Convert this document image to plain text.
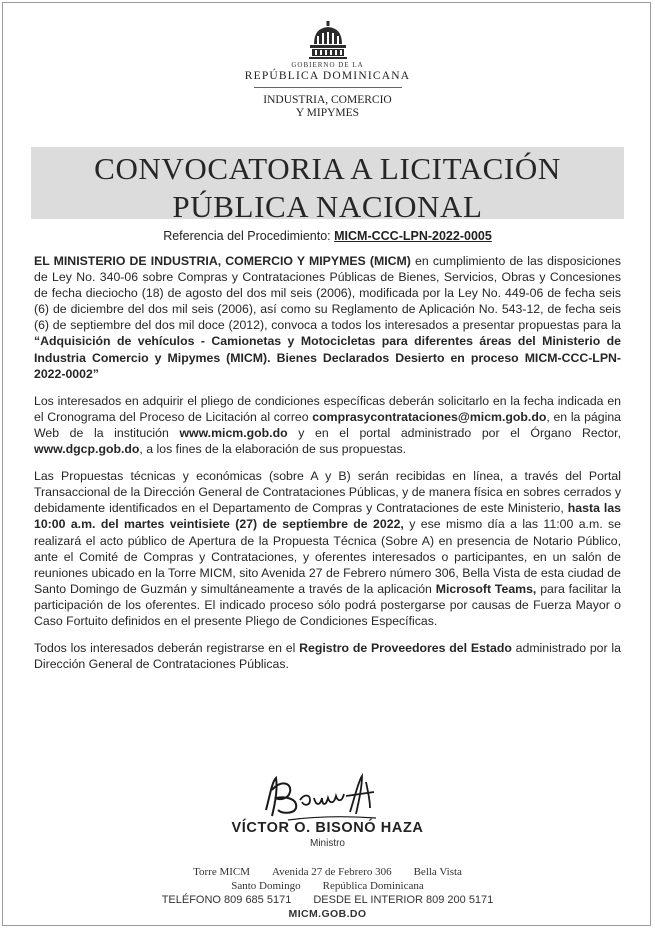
GOBIERNO DE LA
REPÚBLICA DOMINICANA
INDUSTRIA, COMERCIO
Y MIPYMES
CONVOCATORIA A LICITACIÓN
PÚBLICA NACIONAL
Referencia del Procedimiento: MICM-CCC-LPN-2022-0005

EL MINISTERIO DE INDUSTRIA, COMERCIO Y MIPYMES (MICM) en cumplimiento de las disposiciones de Ley No. 340-06 sobre Compras y Contrataciones Públicas de Bienes, Servicios, Obras y Concesiones de fecha dieciocho (18) de agosto del dos mil seis (2006), modificada por la Ley No. 449-06 de fecha seis (6) de diciembre del dos mil seis (2006), así como su Reglamento de Aplicación No. 543-12, de fecha seis (6) de septiembre del dos mil doce (2012), convoca a todos los interesados a presentar propuestas para la “Adquisición de vehículos - Camionetas y Motocicletas para diferentes áreas del Ministerio de Industria Comercio y Mipymes (MICM). Bienes Declarados Desierto en proceso MICM-CCC-LPN-2022-0002”

Los interesados en adquirir el pliego de condiciones específicas deberán solicitarlo en la fecha indicada en el Cronograma del Proceso de Licitación al correo comprasycontrataciones@micm.gob.do, en la página Web de la institución www.micm.gob.do y en el portal administrado por el Órgano Rector, www.dgcp.gob.do, a los fines de la elaboración de sus propuestas.

Las Propuestas técnicas y económicas (sobre A y B) serán recibidas en línea, a través del Portal Transaccional de la Dirección General de Contrataciones Públicas, y de manera física en sobres cerrados y debidamente identificados en el Departamento de Compras y Contrataciones de este Ministerio, hasta las 10:00 a.m. del martes veintisiete (27) de septiembre de 2022, y ese mismo día a las 11:00 a.m. se realizará el acto público de Apertura de la Propuesta Técnica (Sobre A) en presencia de Notario Público, ante el Comité de Compras y Contrataciones, y oferentes interesados o participantes, en un salón de reuniones ubicado en la Torre MICM, sito Avenida 27 de Febrero número 306, Bella Vista de esta ciudad de Santo Domingo de Guzmán y simultáneamente a través de la aplicación Microsoft Teams, para facilitar la participación de los oferentes. El indicado proceso sólo podrá postergarse por causas de Fuerza Mayor o Caso Fortuito definidos en el presente Pliego de Condiciones Específicas.

Todos los interesados deberán registrarse en el Registro de Proveedores del Estado administrado por la Dirección General de Contrataciones Públicas.

VÍCTOR O. BISONÓ HAZA
Ministro
Torre MICM Avenida 27 de Febrero 306 Bella Vista
Santo Domingo República Dominicana
TELÉFONO 809 685 5171 DESDE EL INTERIOR 809 200 5171
MICM.GOB.DO
